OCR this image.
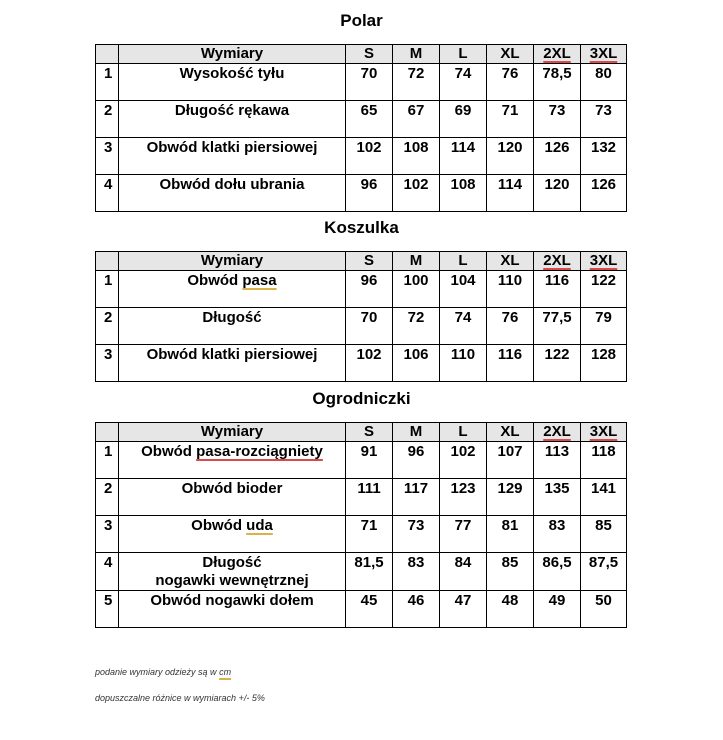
Polar
	Wymiary	S	M	L	XL	2XL	3XL
1	Wysokość tyłu	70	72	74	76	78,5	80
2	Długość rękawa	65	67	69	71	73	73
3	Obwód klatki piersiowej	102	108	114	120	126	132
4	Obwód dołu ubrania	96	102	108	114	120	126
Koszulka
	Wymiary	S	M	L	XL	2XL	3XL
1	Obwód pasa	96	100	104	110	116	122
2	Długość	70	72	74	76	77,5	79
3	Obwód klatki piersiowej	102	106	110	116	122	128
Ogrodniczki
	Wymiary	S	M	L	XL	2XL	3XL
1	Obwód pasa-rozciągniety	91	96	102	107	113	118
2	Obwód bioder	111	117	123	129	135	141
3	Obwód uda	71	73	77	81	83	85
4	Długość
nogawki wewnętrznej	81,5	83	84	85	86,5	87,5
5	Obwód nogawki dołem	45	46	47	48	49	50
podanie wymiary odzieży są w cm
dopuszczalne różnice w wymiarach +/- 5%
